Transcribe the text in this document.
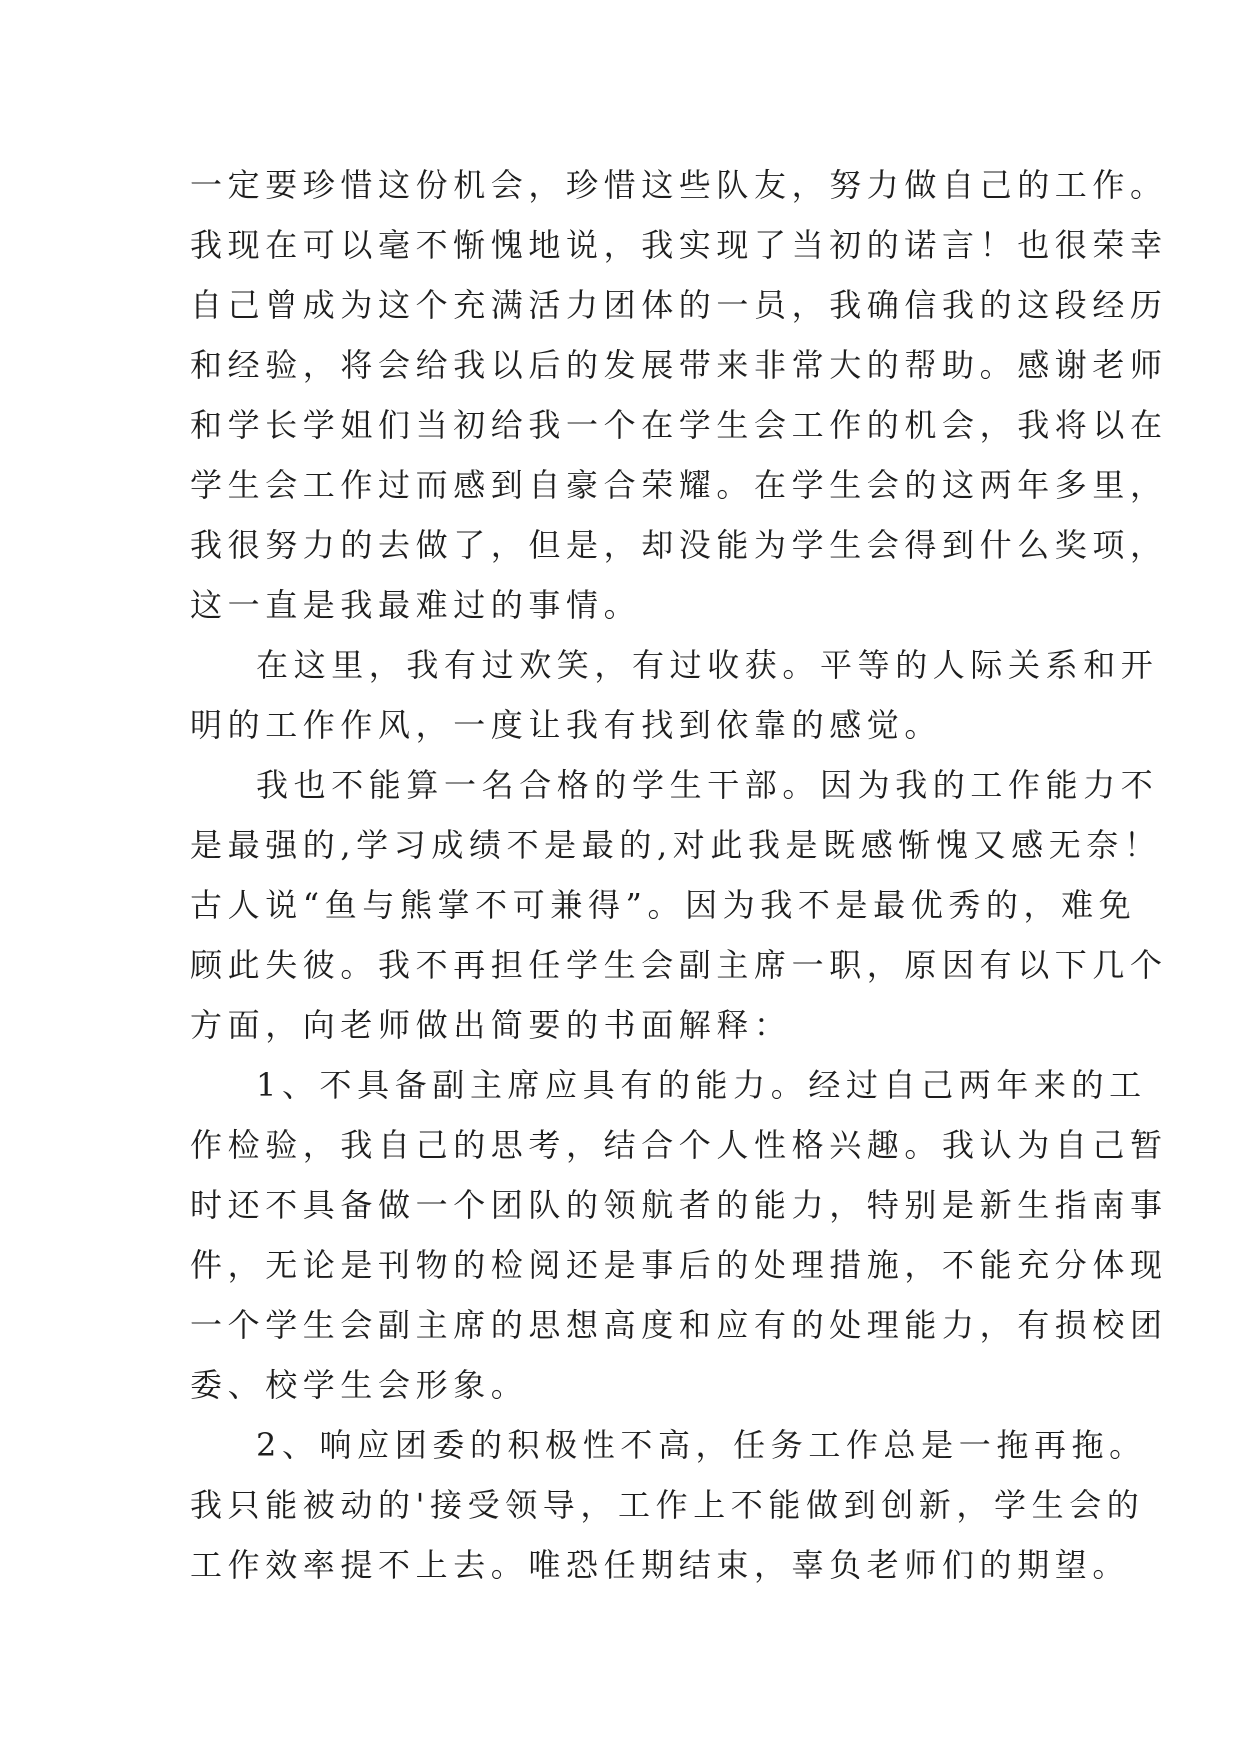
一定要珍惜这份机会，珍惜这些队友，努力做自己的工作。
我现在可以毫不惭愧地说，我实现了当初的诺言！也很荣幸
自己曾成为这个充满活力团体的一员，我确信我的这段经历
和经验，将会给我以后的发展带来非常大的帮助。感谢老师
和学长学姐们当初给我一个在学生会工作的机会，我将以在
学生会工作过而感到自豪合荣耀。在学生会的这两年多里，
我很努力的去做了，但是，却没能为学生会得到什么奖项，
这一直是我最难过的事情。
在这里，我有过欢笑，有过收获。平等的人际关系和开
明的工作作风，一度让我有找到依靠的感觉。
我也不能算一名合格的学生干部。因为我的工作能力不
是最强的,学习成绩不是最的,对此我是既感惭愧又感无奈！
古人说“鱼与熊掌不可兼得”。因为我不是最优秀的，难免
顾此失彼。我不再担任学生会副主席一职，原因有以下几个
方面，向老师做出简要的书面解释：
1、不具备副主席应具有的能力。经过自己两年来的工
作检验，我自己的思考，结合个人性格兴趣。我认为自己暂
时还不具备做一个团队的领航者的能力，特别是新生指南事
件，无论是刊物的检阅还是事后的处理措施，不能充分体现
一个学生会副主席的思想高度和应有的处理能力，有损校团
委、校学生会形象。
2、响应团委的积极性不高，任务工作总是一拖再拖。
我只能被动的'接受领导，工作上不能做到创新，学生会的
工作效率提不上去。唯恐任期结束，辜负老师们的期望。
